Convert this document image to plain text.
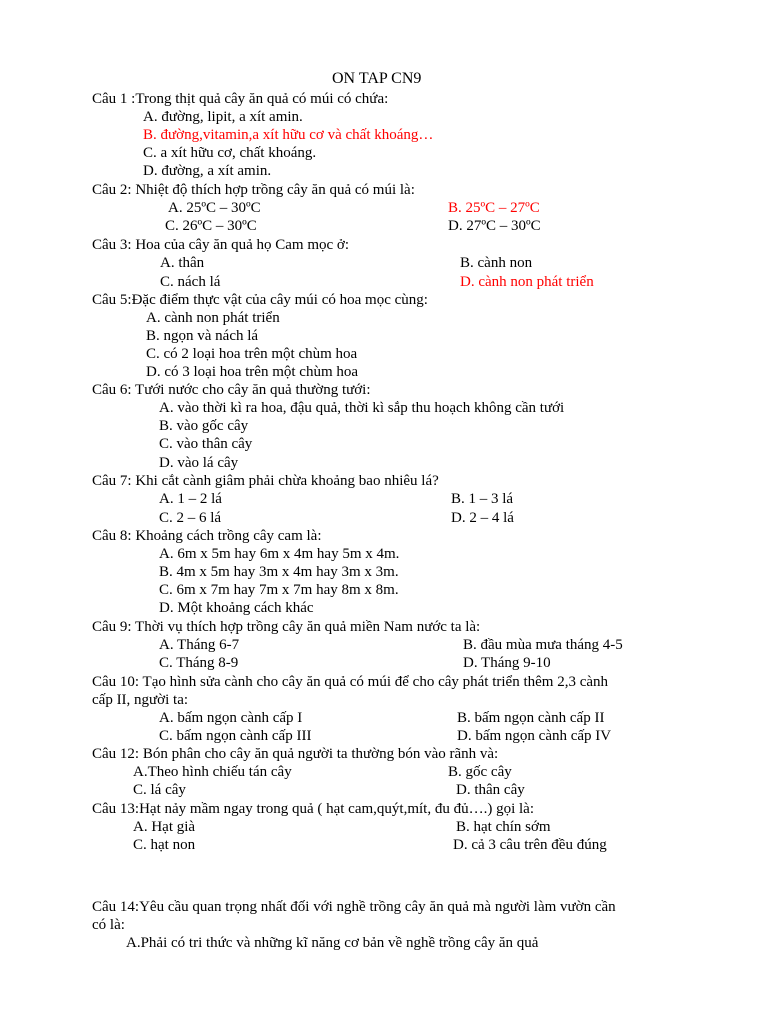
ON TAP CN9
Câu 1 :Trong thịt quả cây ăn quả có múi có chứa:
A. đường, lipit, a xít amin.
B. đường,vitamin,a xít hữu cơ và chất khoáng…
C. a xít hữu cơ, chất khoáng.
D. đường, a xít amin.
Câu 2: Nhiệt độ thích hợp trồng cây ăn quả có múi là:
A. 25ºC – 30ºC	B. 25ºC – 27ºC
C. 26ºC – 30ºC	D. 27ºC – 30ºC
Câu 3: Hoa của cây ăn quả họ Cam mọc ở:
A. thân	B. cành non
C. nách lá	D. cành non phát triển
Câu 5:Đặc điểm thực vật của cây múi có hoa mọc cùng:
A. cành non phát triển
B. ngọn và nách lá
C. có 2 loại hoa trên một chùm hoa
D. có 3 loại hoa trên một chùm hoa
Câu 6: Tưới nước cho cây ăn quả thường tưới:
A. vào thời kì ra hoa, đậu quả, thời kì sắp thu hoạch không cần tưới
B. vào gốc cây
C. vào thân cây
D. vào lá cây
Câu 7: Khi cắt cành giâm phải chừa khoảng bao nhiêu lá?
A. 1 – 2 lá	B. 1 – 3 lá
C. 2 – 6 lá	D. 2 – 4 lá
Câu 8: Khoảng cách trồng cây cam là:
A. 6m x 5m hay 6m x 4m hay 5m x 4m.
B. 4m x 5m hay 3m x 4m hay 3m x 3m.
C. 6m x 7m hay 7m x 7m hay 8m x 8m.
D. Một khoảng cách khác
Câu 9: Thời vụ thích hợp trồng cây ăn quả miền Nam nước ta là:
A. Tháng 6-7	B. đầu mùa mưa tháng 4-5
C. Tháng 8-9	D. Tháng 9-10
Câu 10: Tạo hình sửa cành cho cây ăn quả có múi để cho cây phát triển thêm 2,3 cành
cấp II, người ta:
A. bấm ngọn cành cấp I	B. bấm ngọn cành cấp II
C. bấm ngọn cành cấp III	D. bấm ngọn cành cấp IV
Câu 12: Bón phân cho cây ăn quả người ta thường bón vào rãnh và:
A.Theo hình chiếu tán cây	B. gốc cây
C. lá cây	D. thân cây
Câu 13:Hạt nảy mầm ngay trong quả ( hạt cam,quýt,mít, đu đủ….) gọi là:
A. Hạt già	B. hạt chín sớm
C. hạt non	D. cả 3 câu trên đều đúng
Câu 14:Yêu cầu quan trọng nhất đối với nghề trồng cây ăn quả mà người làm vườn cần
có là:
A.Phải có tri thức và những kĩ năng cơ bản về nghề trồng cây ăn quả
